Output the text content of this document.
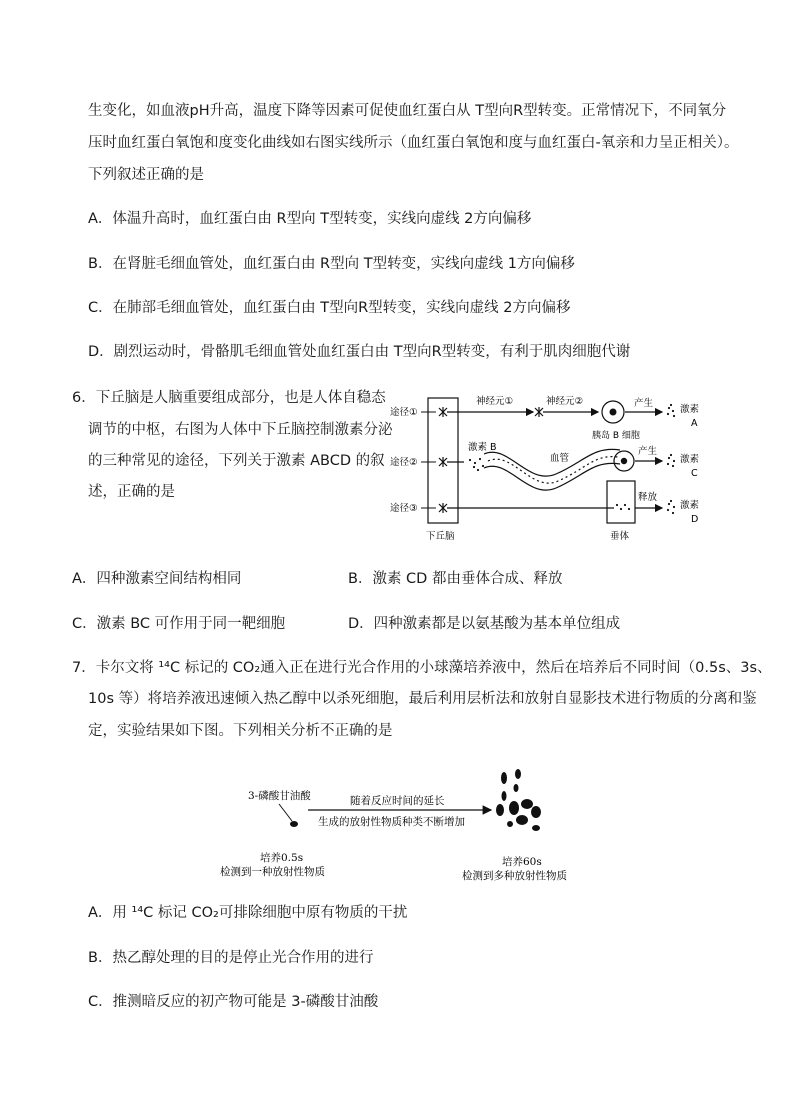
生变化，如血液pH升高，温度下降等因素可促使血红蛋白从 T型向R型转变。正常情况下，不同氧分
压时血红蛋白氧饱和度变化曲线如右图实线所示（血红蛋白氧饱和度与血红蛋白-氧亲和力呈正相关）。
下列叙述正确的是
A．体温升高时，血红蛋白由 R型向 T型转变，实线向虚线 2方向偏移
B．在肾脏毛细血管处，血红蛋白由 R型向 T型转变，实线向虚线 1方向偏移
C．在肺部毛细血管处，血红蛋白由 T型向R型转变，实线向虚线 2方向偏移
D．剧烈运动时，骨骼肌毛细血管处血红蛋白由 T型向R型转变，有利于肌肉细胞代谢
6．下丘脑是人脑重要组成部分，也是人体自稳态
调节的中枢，右图为人体中下丘脑控制激素分泌
的三种常见的途径，下列关于激素 ABCD 的叙
述，正确的是
途径①
途径②
途径③
神经元①	神经元②
胰岛 B 细胞
产生
激素
A
激素 B
血管
产生
激素
C
释放
激素
D
下丘脑	垂体
A．四种激素空间结构相同	B．激素 CD 都由垂体合成、释放
C．激素 BC 可作用于同一靶细胞	D．四种激素都是以氨基酸为基本单位组成
7．卡尔文将 ¹⁴C 标记的 CO₂通入正在进行光合作用的小球藻培养液中，然后在培养后不同时间（0.5s、3s、
10s 等）将培养液迅速倾入热乙醇中以杀死细胞，最后利用层析法和放射自显影技术进行物质的分离和鉴
定，实验结果如下图。下列相关分析不正确的是
3-磷酸甘油酸	随着反应时间的延长
生成的放射性物质种类不断增加
培养0.5s
检测到一种放射性物质
培养60s
检测到多种放射性物质
A．用 ¹⁴C 标记 CO₂可排除细胞中原有物质的干扰
B．热乙醇处理的目的是停止光合作用的进行
C．推测暗反应的初产物可能是 3-磷酸甘油酸
